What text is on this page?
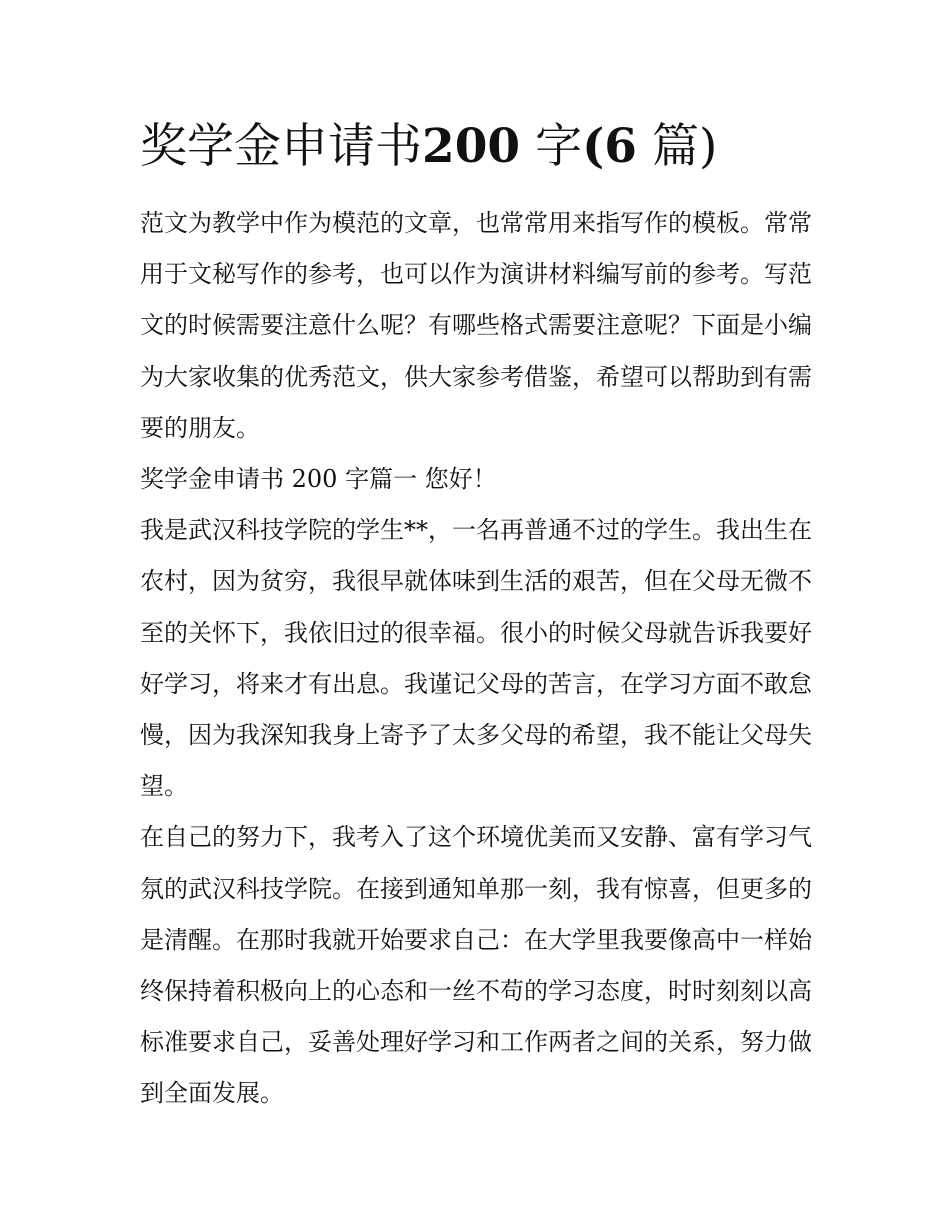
奖学金申请书200 字(6 篇)

范文为教学中作为模范的文章，也常常用来指写作的模板。常常用于文秘写作的参考，也可以作为演讲材料编写前的参考。写范文的时候需要注意什么呢？有哪些格式需要注意呢？下面是小编为大家收集的优秀范文，供大家参考借鉴，希望可以帮助到有需要的朋友。

奖学金申请书 200 字篇一 您好！

我是武汉科技学院的学生**，一名再普通不过的学生。我出生在农村，因为贫穷，我很早就体味到生活的艰苦，但在父母无微不至的关怀下，我依旧过的很幸福。很小的时候父母就告诉我要好好学习，将来才有出息。我谨记父母的苦言，在学习方面不敢怠慢，因为我深知我身上寄予了太多父母的希望，我不能让父母失望。

在自己的努力下，我考入了这个环境优美而又安静、富有学习气氛的武汉科技学院。在接到通知单那一刻，我有惊喜，但更多的是清醒。在那时我就开始要求自己：在大学里我要像高中一样始终保持着积极向上的心态和一丝不苟的学习态度，时时刻刻以高标准要求自己，妥善处理好学习和工作两者之间的关系，努力做到全面发展。
